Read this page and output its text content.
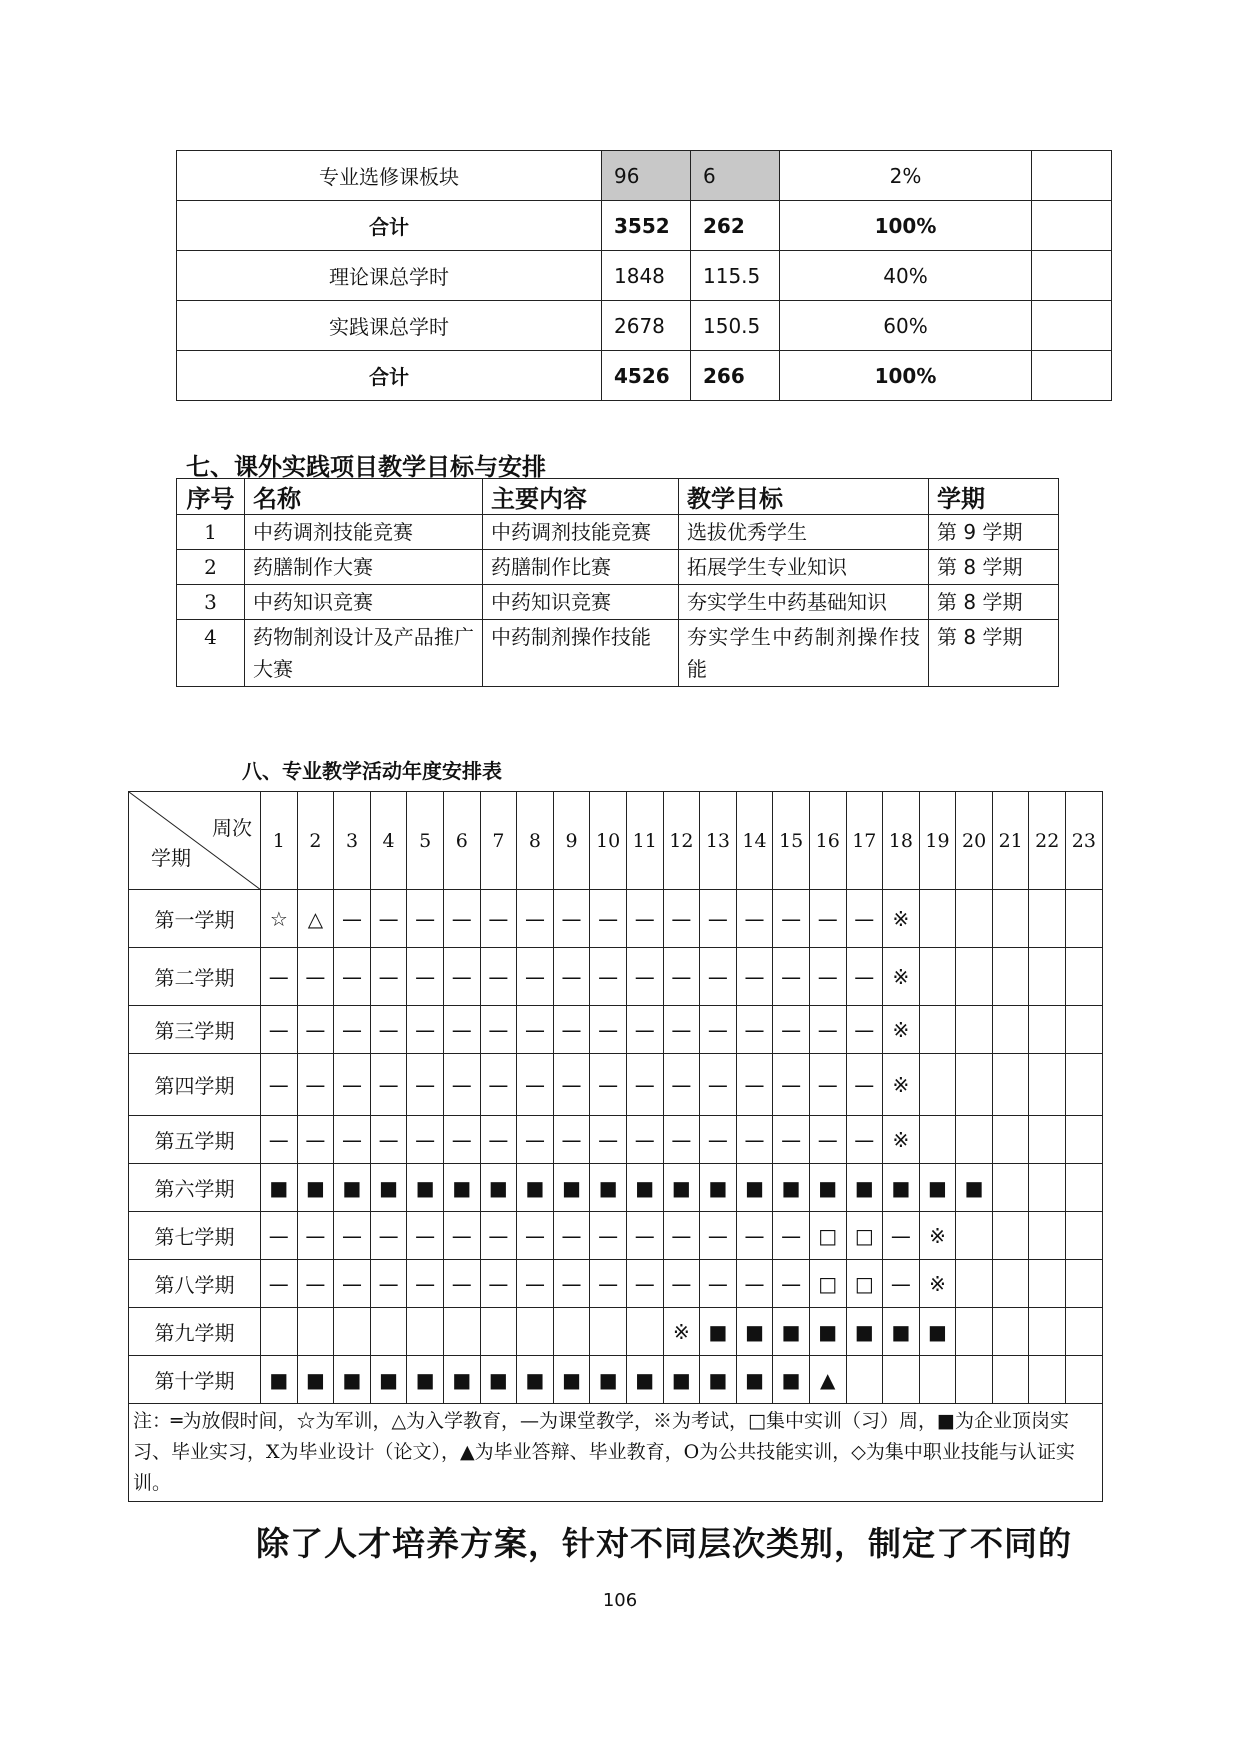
专业选修课板块	96	6	2%	
合计	3552	262	100%	
理论课总学时	1848	115.5	40%	
实践课总学时	2678	150.5	60%	
合计	4526	266	100%	
七、课外实践项目教学目标与安排
序号	名称	主要内容	教学目标	学期
1	中药调剂技能竞赛	中药调剂技能竞赛	选拔优秀学生	第 9 学期
2	药膳制作大赛	药膳制作比赛	拓展学生专业知识	第 8 学期
3	中药知识竞赛	中药知识竞赛	夯实学生中药基础知识	第 8 学期
4	药物制剂设计及产品推广大赛	中药制剂操作技能	夯实学生中药制剂操作技能	第 8 学期
八、专业教学活动年度安排表
周次
学期	1	2	3	4	5	6	7	8	9	10	11	12	13	14	15	16	17	18	19	20	21	22	23
第一学期	☆	△	—	—	—	—	—	—	—	—	—	—	—	—	—	—	—	※					
第二学期	—	—	—	—	—	—	—	—	—	—	—	—	—	—	—	—	—	※					
第三学期	—	—	—	—	—	—	—	—	—	—	—	—	—	—	—	—	—	※					
第四学期	—	—	—	—	—	—	—	—	—	—	—	—	—	—	—	—	—	※					
第五学期	—	—	—	—	—	—	—	—	—	—	—	—	—	—	—	—	—	※					
第六学期	■	■	■	■	■	■	■	■	■	■	■	■	■	■	■	■	■	■	■	■			
第七学期	—	—	—	—	—	—	—	—	—	—	—	—	—	—	—	□	□	—	※				
第八学期	—	—	—	—	—	—	—	—	—	—	—	—	—	—	—	□	□	—	※				
第九学期												※	■	■	■	■	■	■	■				
第十学期	■	■	■	■	■	■	■	■	■	■	■	■	■	■	■	▲							
注：═为放假时间，☆为军训，△为入学教育，—为课堂教学，※为考试，□集中实训（习）周，■为企业顶岗实习、毕业实习，X为毕业设计（论文），▲为毕业答辩、毕业教育，O为公共技能实训，◇为集中职业技能与认证实训。																							
除了人才培养方案，针对不同层次类别，制定了不同的
106
